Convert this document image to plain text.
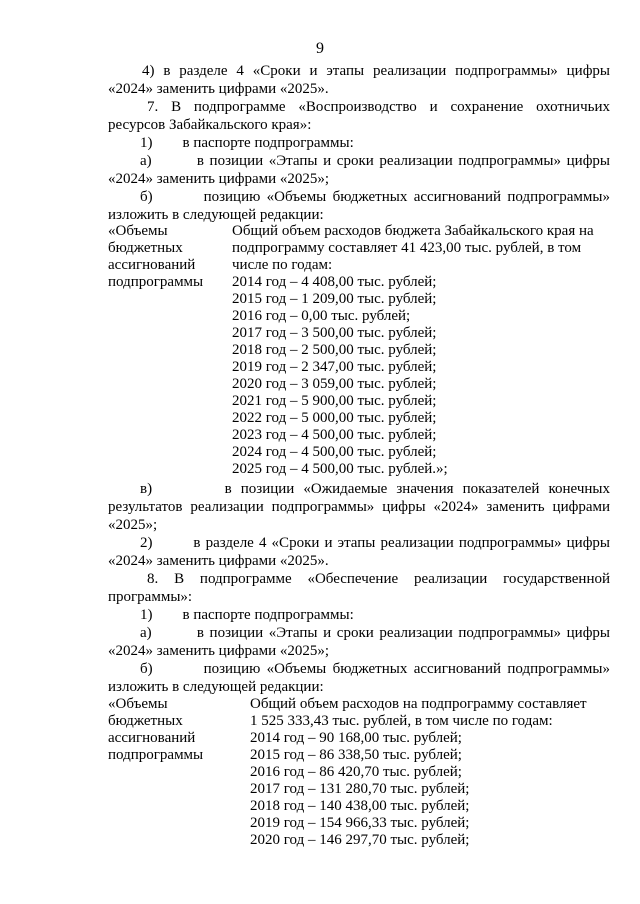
9
4) в разделе 4 «Сроки и этапы реализации подпрограммы» цифры
«2024» заменить цифрами «2025».
7. В подпрограмме «Воспроизводство и сохранение охотничьих
ресурсов Забайкальского края»:
1)        в паспорте подпрограммы:
а)        в позиции «Этапы и сроки реализации подпрограммы» цифры
«2024» заменить цифрами «2025»;
б)        позицию «Объемы бюджетных ассигнований подпрограммы»
изложить в следующей редакции:
«Объемы
бюджетных
ассигнований
подпрограммы
Общий объем расходов бюджета Забайкальского края на
подпрограмму составляет 41 423,00 тыс. рублей, в том
числе по годам:
2014 год – 4 408,00 тыс. рублей;
2015 год – 1 209,00 тыс. рублей;
2016 год – 0,00 тыс. рублей;
2017 год – 3 500,00 тыс. рублей;
2018 год – 2 500,00 тыс. рублей;
2019 год – 2 347,00 тыс. рублей;
2020 год – 3 059,00 тыс. рублей;
2021 год – 5 900,00 тыс. рублей;
2022 год – 5 000,00 тыс. рублей;
2023 год – 4 500,00 тыс. рублей;
2024 год – 4 500,00 тыс. рублей;
2025 год – 4 500,00 тыс. рублей.»;
в)        в позиции «Ожидаемые значения показателей конечных
результатов реализации подпрограммы» цифры «2024» заменить цифрами
«2025»;
2)        в разделе 4 «Сроки и этапы реализации подпрограммы» цифры
«2024» заменить цифрами «2025».
8. В подпрограмме «Обеспечение реализации государственной
программы»:
1)        в паспорте подпрограммы:
а)        в позиции «Этапы и сроки реализации подпрограммы» цифры
«2024» заменить цифрами «2025»;
б)        позицию «Объемы бюджетных ассигнований подпрограммы»
изложить в следующей редакции:
«Объемы
бюджетных
ассигнований
подпрограммы
Общий объем расходов на подпрограмму составляет
1 525 333,43 тыс. рублей, в том числе по годам:
2014 год – 90 168,00 тыс. рублей;
2015 год – 86 338,50 тыс. рублей;
2016 год – 86 420,70 тыс. рублей;
2017 год – 131 280,70 тыс. рублей;
2018 год – 140 438,00 тыс. рублей;
2019 год – 154 966,33 тыс. рублей;
2020 год – 146 297,70 тыс. рублей;
